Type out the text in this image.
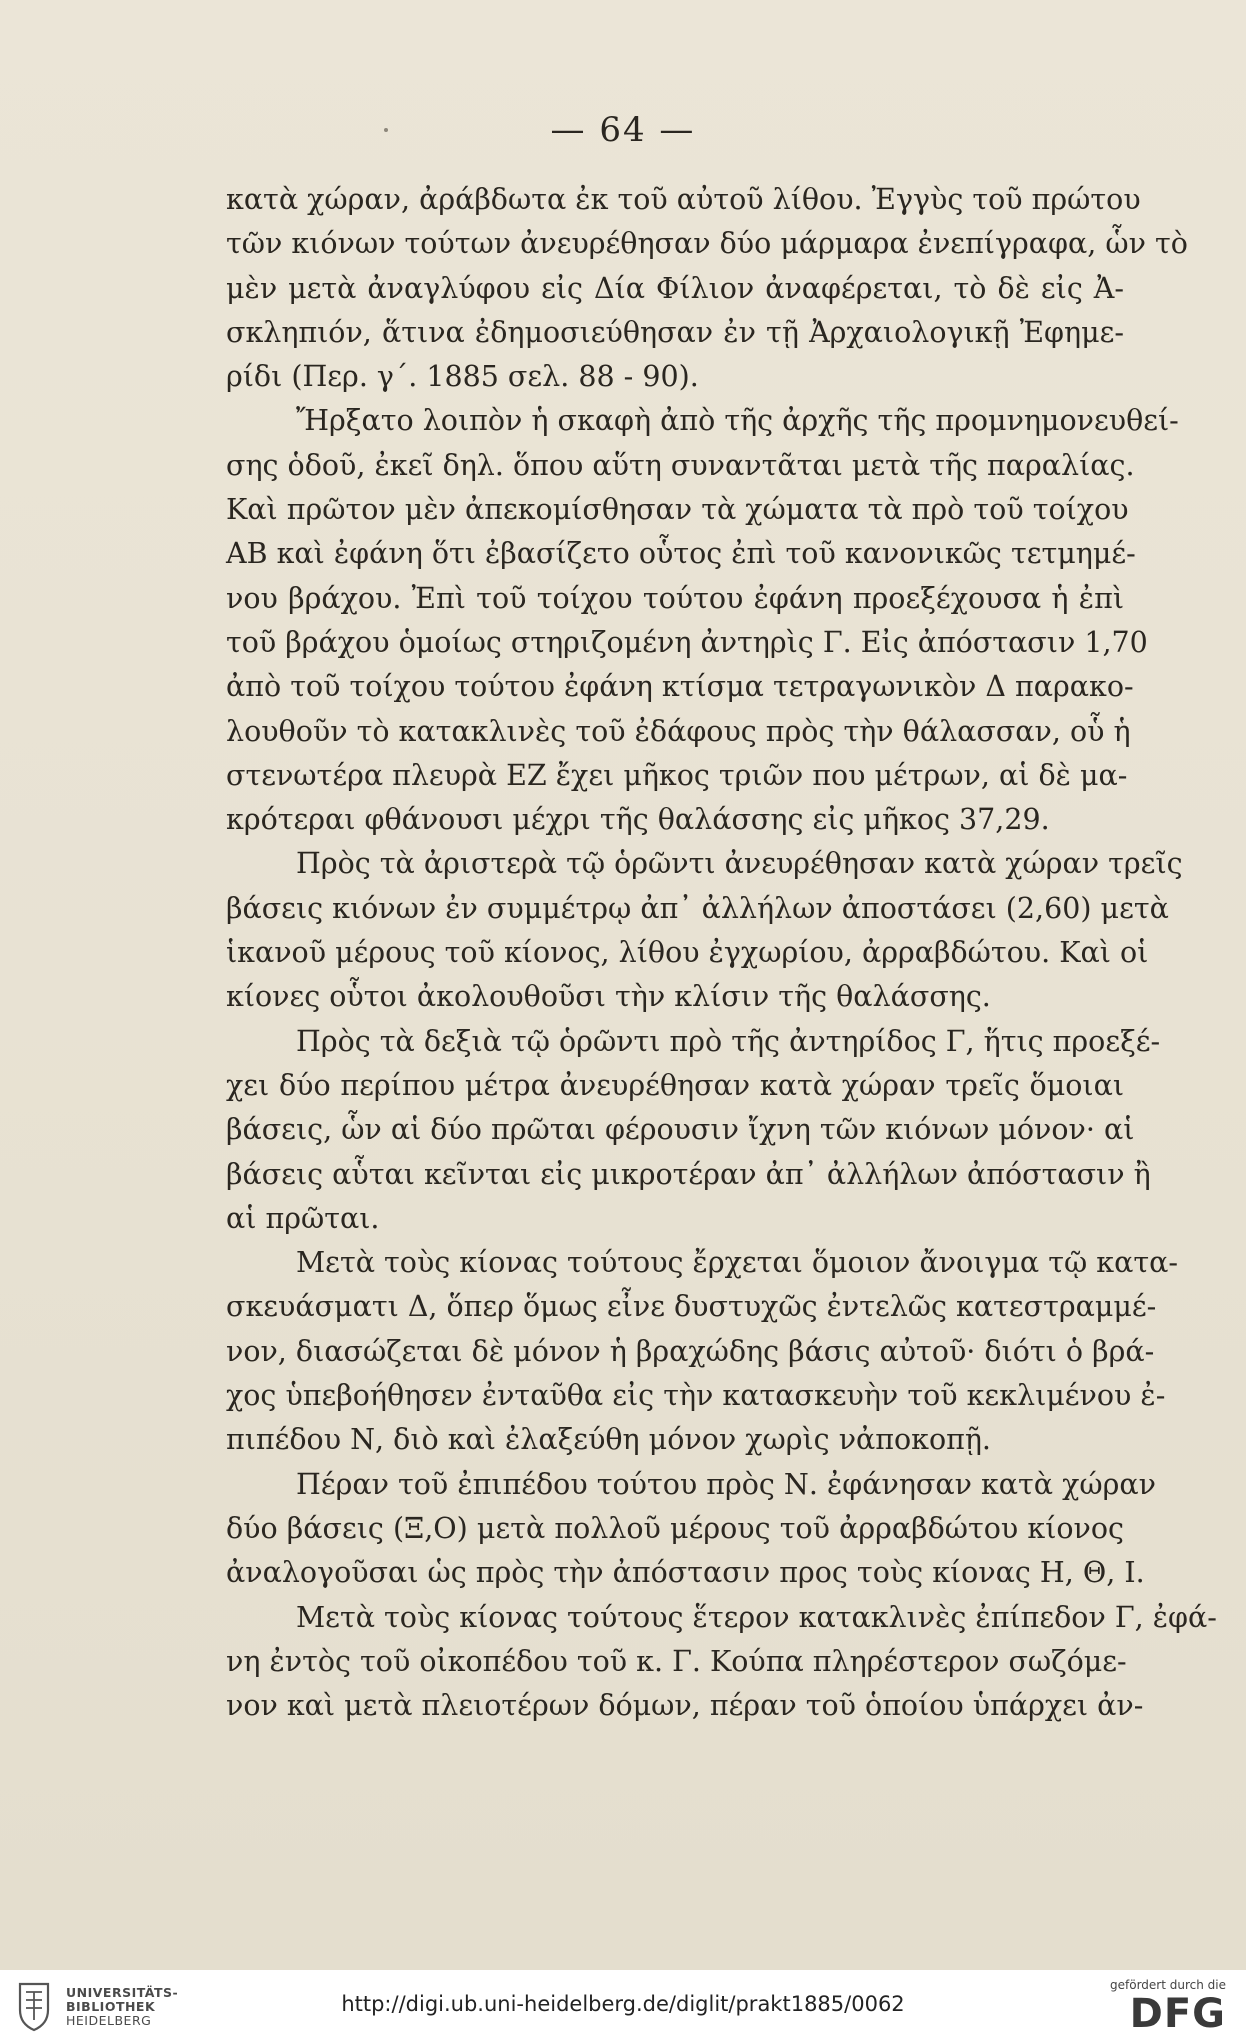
— 64 —
κατὰ χώραν, ἀράβδωτα ἐκ τοῦ αὐτοῦ λίθου. Ἐγγὺς τοῦ πρώτου
τῶν κιόνων τούτων ἀνευρέθησαν δύο μάρμαρα ἐνεπίγραφα, ὧν τὸ
μὲν μετὰ ἀναγλύφου εἰς Δία Φίλιον ἀναφέρεται, τὸ δὲ εἰς Ἀ-
σκληπιόν, ἅτινα ἐδημοσιεύθησαν ἐν τῇ Ἀρχαιολογικῇ Ἐφημε-
ρίδι (Περ. γ΄. 1885 σελ. 88 - 90).
Ἤρξατο λοιπὸν ἡ σκαφὴ ἀπὸ τῆς ἀρχῆς τῆς προμνημονευθεί-
σης ὁδοῦ, ἐκεῖ δηλ. ὅπου αὕτη συναντᾶται μετὰ τῆς παραλίας.
Καὶ πρῶτον μὲν ἀπεκομίσθησαν τὰ χώματα τὰ πρὸ τοῦ τοίχου
ΑΒ καὶ ἐφάνη ὅτι ἐβασίζετο οὗτος ἐπὶ τοῦ κανονικῶς τετμημέ-
νου βράχου. Ἐπὶ τοῦ τοίχου τούτου ἐφάνη προεξέχουσα ἡ ἐπὶ
τοῦ βράχου ὁμοίως στηριζομένη ἀντηρὶς Γ. Εἰς ἀπόστασιν 1,70
ἀπὸ τοῦ τοίχου τούτου ἐφάνη κτίσμα τετραγωνικὸν Δ παρακο-
λουθοῦν τὸ κατακλινὲς τοῦ ἐδάφους πρὸς τὴν θάλασσαν, οὗ ἡ
στενωτέρα πλευρὰ ΕΖ ἔχει μῆκος τριῶν που μέτρων, αἱ δὲ μα-
κρότεραι φθάνουσι μέχρι τῆς θαλάσσης εἰς μῆκος 37,29.
Πρὸς τὰ ἀριστερὰ τῷ ὁρῶντι ἀνευρέθησαν κατὰ χώραν τρεῖς
βάσεις κιόνων ἐν συμμέτρῳ ἀπ᾽ ἀλλήλων ἀποστάσει (2,60) μετὰ
ἱκανοῦ μέρους τοῦ κίονος, λίθου ἐγχωρίου, ἀρραβδώτου. Καὶ οἱ
κίονες οὗτοι ἀκολουθοῦσι τὴν κλίσιν τῆς θαλάσσης.
Πρὸς τὰ δεξιὰ τῷ ὁρῶντι πρὸ τῆς ἀντηρίδος Γ, ἥτις προεξέ-
χει δύο περίπου μέτρα ἀνευρέθησαν κατὰ χώραν τρεῖς ὅμοιαι
βάσεις, ὧν αἱ δύο πρῶται φέρουσιν ἴχνη τῶν κιόνων μόνον· αἱ
βάσεις αὗται κεῖνται εἰς μικροτέραν ἀπ᾽ ἀλλήλων ἀπόστασιν ἢ
αἱ πρῶται.
Μετὰ τοὺς κίονας τούτους ἔρχεται ὅμοιον ἄνοιγμα τῷ κατα-
σκευάσματι Δ, ὅπερ ὅμως εἶνε δυστυχῶς ἐντελῶς κατεστραμμέ-
νον, διασώζεται δὲ μόνον ἡ βραχώδης βάσις αὐτοῦ· διότι ὁ βρά-
χος ὑπεβοήθησεν ἐνταῦθα εἰς τὴν κατασκευὴν τοῦ κεκλιμένου ἐ-
πιπέδου Ν, διὸ καὶ ἐλαξεύθη μόνον χωρὶς νἀποκοπῇ.
Πέραν τοῦ ἐπιπέδου τούτου πρὸς Ν. ἐφάνησαν κατὰ χώραν
δύο βάσεις (Ξ,Ο) μετὰ πολλοῦ μέρους τοῦ ἀρραβδώτου κίονος
ἀναλογοῦσαι ὡς πρὸς τὴν ἀπόστασιν προς τοὺς κίονας Η, Θ, Ι.
Μετὰ τοὺς κίονας τούτους ἕτερον κατακλινὲς ἐπίπεδον Γ, ἐφά-
νη ἐντὸς τοῦ οἰκοπέδου τοῦ κ. Γ. Κούπα πληρέστερον σωζόμε-
νον καὶ μετὰ πλειοτέρων δόμων, πέραν τοῦ ὁποίου ὑπάρχει ἀν-
UNIVERSITÄTS-
BIBLIOTHEK
HEIDELBERG
http://digi.ub.uni-heidelberg.de/diglit/prakt1885/0062
gefördert durch die
DFG
